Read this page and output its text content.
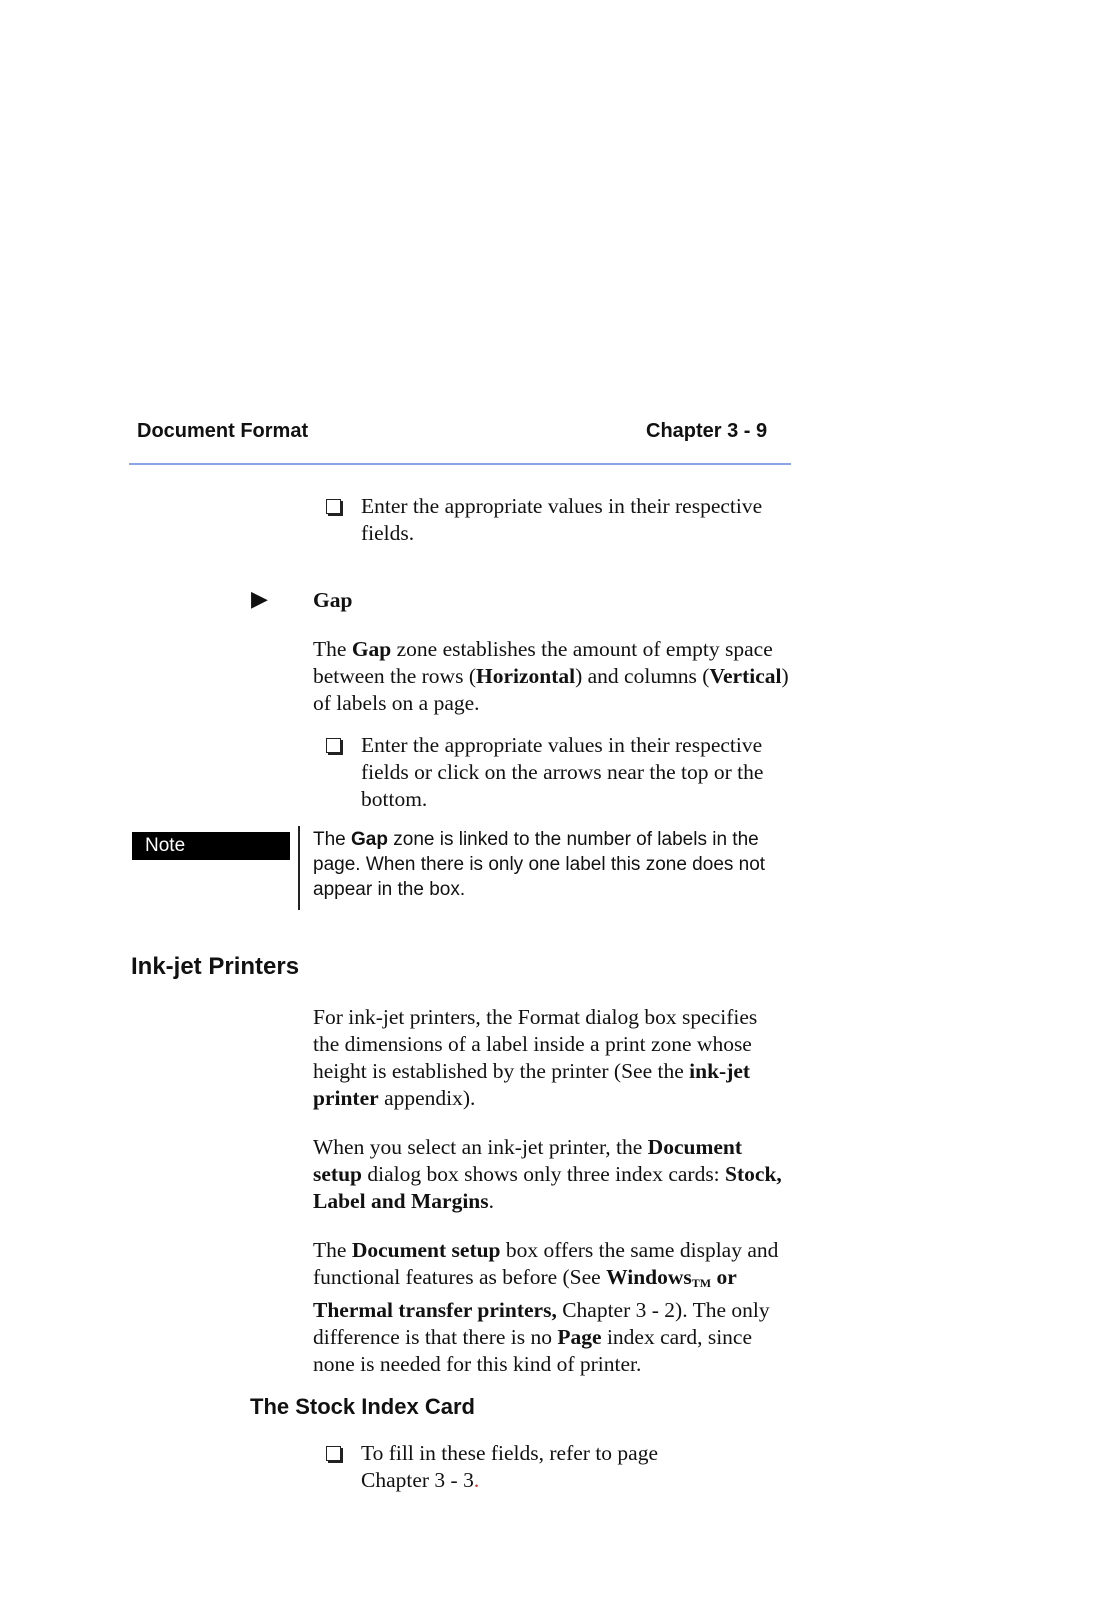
Document Format	Chapter 3 - 9
Enter the appropriate values in their respective fields.
▶ Gap
The Gap zone establishes the amount of empty space between the rows (Horizontal) and columns (Vertical) of labels on a page.
Enter the appropriate values in their respective fields or click on the arrows near the top or the bottom.
Note	The Gap zone is linked to the number of labels in the page. When there is only one label this zone does not appear in the box.
Ink-jet Printers
For ink-jet printers, the Format dialog box specifies the dimensions of a label inside a print zone whose height is established by the printer (See the ink-jet printer appendix).
When you select an ink-jet printer, the Document setup dialog box shows only three index cards: Stock, Label and Margins.
The Document setup box offers the same display and functional features as before (See Windows$_{TM}$ or Thermal transfer printers, Chapter 3 - 2). The only difference is that there is no Page index card, since none is needed for this kind of printer.
The Stock Index Card
To fill in these fields, refer to page Chapter 3 - 3.
